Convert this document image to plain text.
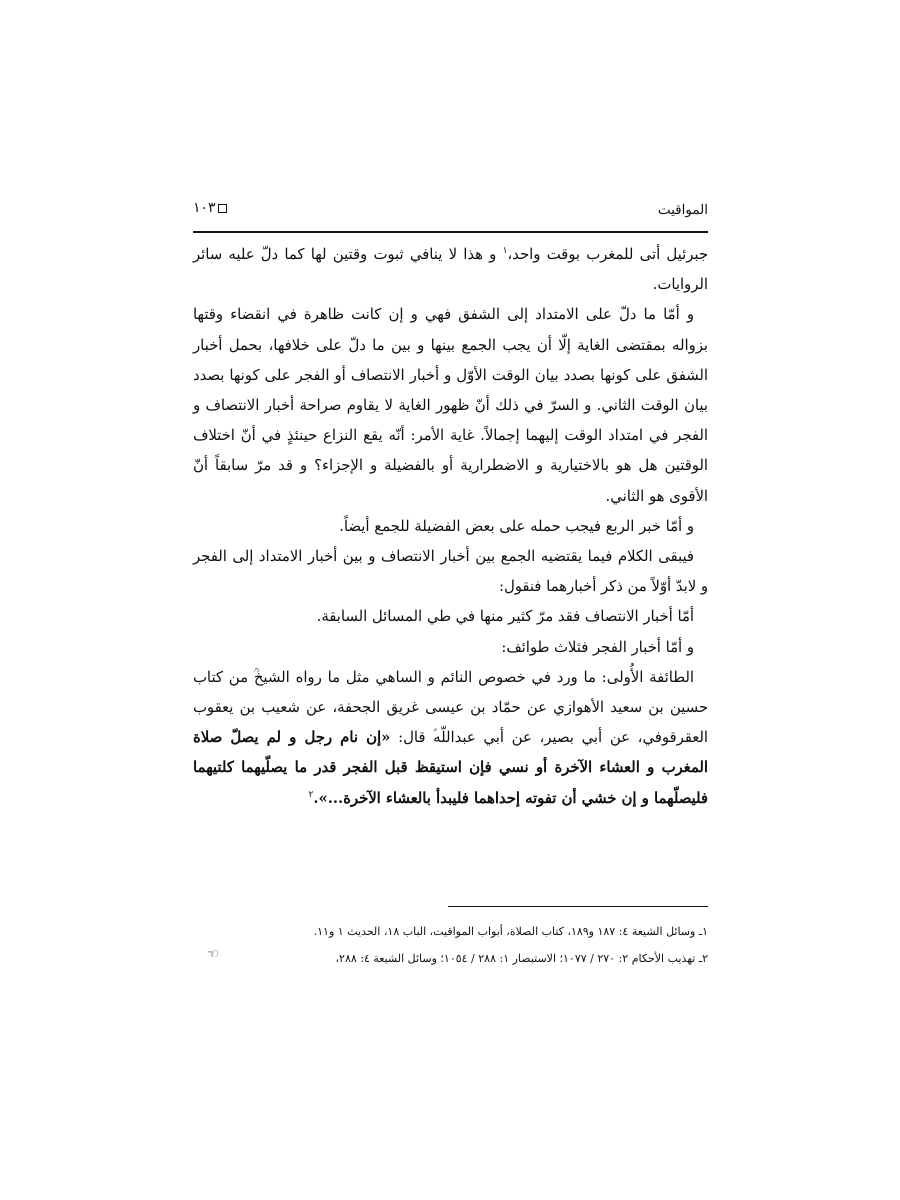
المواقيت
١٠٣

جبرئيل أتى للمغرب بوقت واحد،$^١$ و هذا لا ينافي ثبوت وقتين لها كما دلّ عليه سائر الروايات.

و أمّا ما دلّ على الامتداد إلى الشفق فهي و إن كانت ظاهرة في انقضاء وقتها بزواله بمقتضى الغاية إلّا أن يجب الجمع بينها و بين ما دلّ على خلافها، بحمل أخبار الشفق على كونها بصدد بيان الوقت الأوّل و أخبار الانتصاف أو الفجر على كونها بصدد بيان الوقت الثاني. و السرّ في ذلك أنّ ظهور الغاية لا يقاوم صراحة أخبار الانتصاف و الفجر في امتداد الوقت إليهما إجمالاً. غاية الأمر: أنّه يقع النزاع حينئذٍ في أنّ اختلاف الوقتين هل هو بالاختيارية و الاضطرارية أو بالفضيلة و الإجزاء؟ و قد مرّ سابقاً أنّ الأقوى هو الثاني.

و أمّا خبر الربع فيجب حمله على بعض الفضيلة للجمع أيضاً.

فيبقى الكلام فيما يقتضيه الجمع بين أخبار الانتصاف و بين أخبار الامتداد إلى الفجر و لابدّ أوّلاً من ذكر أخبارهما فنقول:

أمّا أخبار الانتصاف فقد مرّ كثير منها في طي المسائل السابقة.

و أمّا أخبار الفجر فثلاث طوائف:

الطائفة الأُولى: ما ورد في خصوص النائم و الساهي مثل ما رواه الشيخ‌ؒ من كتاب حسين بن سعيد الأهوازي عن حمّاد بن عيسى غريق الجحفة، عن شعيب بن يعقوب العقرقوفي، عن أبي بصير، عن أبي عبداللّه‌ؑ قال: «إن نام رجل و لم يصلّ صلاة المغرب و العشاء الآخرة أو نسي فإن استيقظ قبل الفجر قدر ما يصلّيهما كلتيهما فليصلّهما و إن خشي أن تفوته إحداهما فليبدأ بالعشاء الآخرة...».$^٢$

١ـ وسائل الشيعة ٤: ١٨٧ و١٨٩، كتاب الصلاة، أبواب المواقيت، الباب ١٨، الحديث ١ و١١.

٢ـ تهذيب الأحكام ٢: ٢٧٠ / ١٠٧٧؛ الاستبصار ١: ٢٨٨ / ١٠٥٤؛ وسائل الشيعة ٤: ٢٨٨،

☜
